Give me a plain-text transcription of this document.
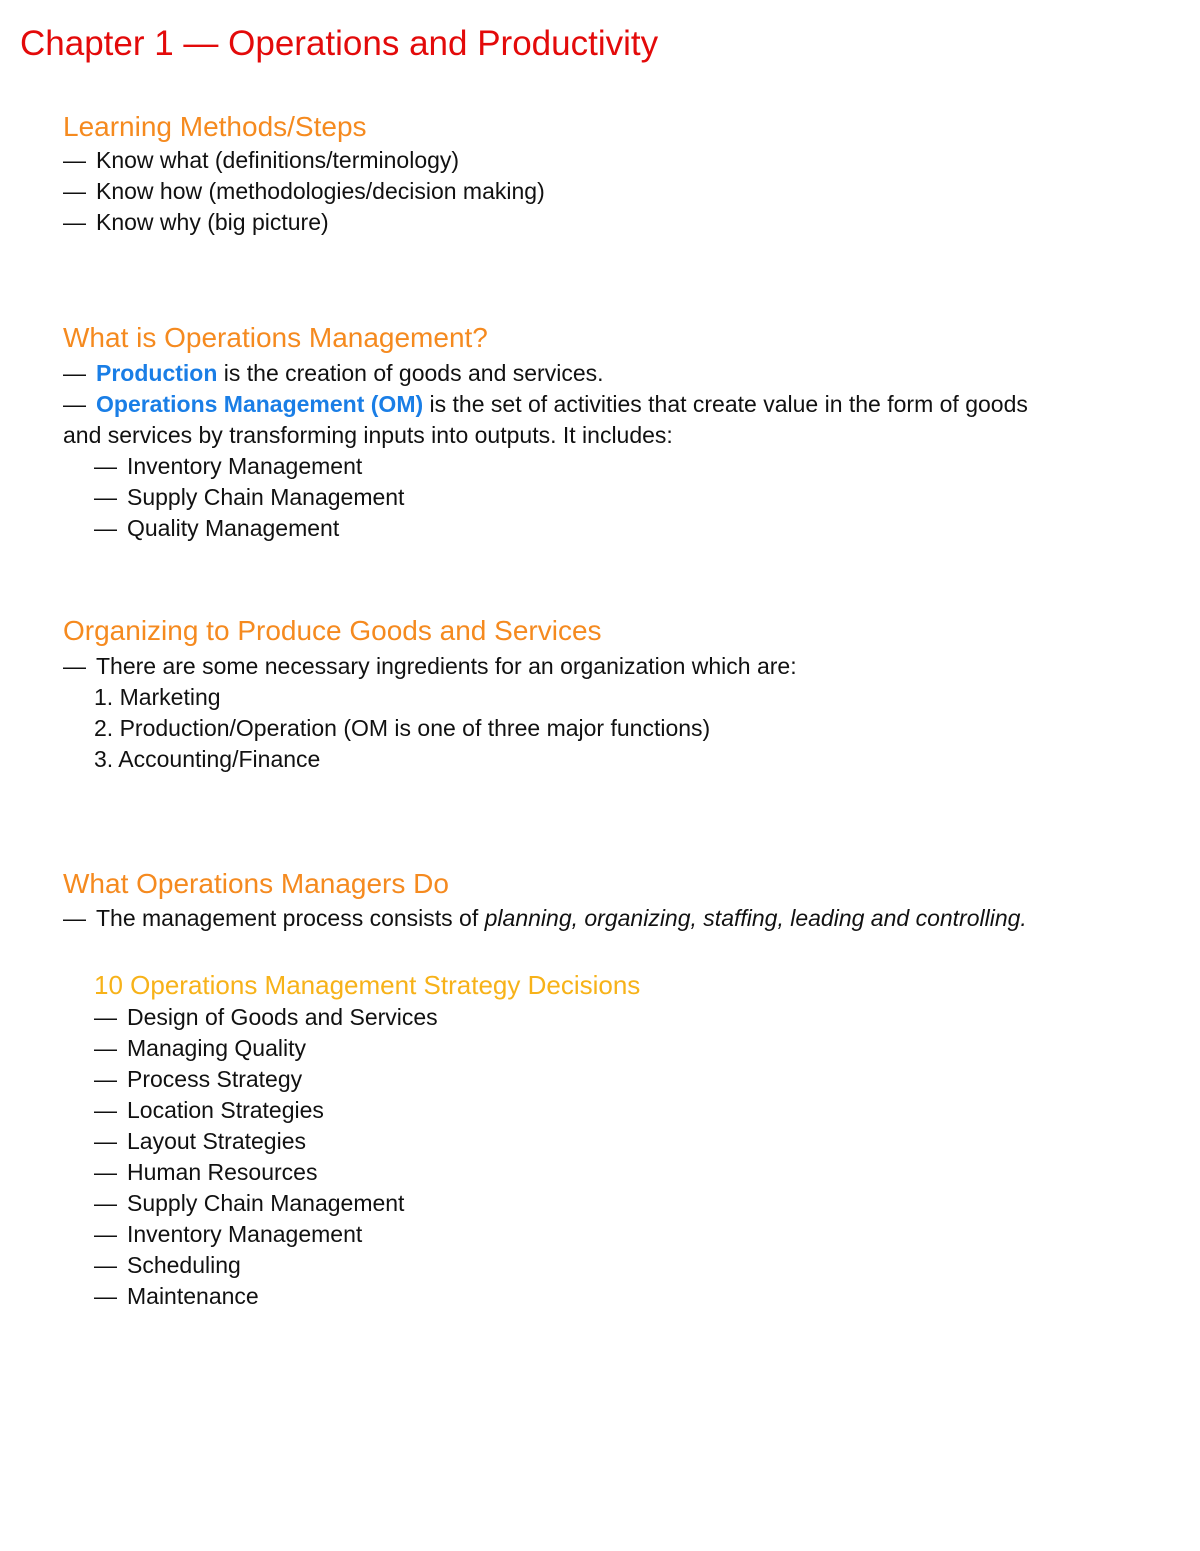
Chapter 1 — Operations and Productivity
Learning Methods/Steps
— Know what (definitions/terminology)
— Know how (methodologies/decision making)
— Know why (big picture)
What is Operations Management?
— Production is the creation of goods and services.
— Operations Management (OM) is the set of activities that create value in the form of goods
and services by transforming inputs into outputs. It includes:
— Inventory Management
— Supply Chain Management
— Quality Management
Organizing to Produce Goods and Services
— There are some necessary ingredients for an organization which are:
1. Marketing
2. Production/Operation (OM is one of three major functions)
3. Accounting/Finance
What Operations Managers Do
— The management process consists of planning, organizing, staffing, leading and controlling.
10 Operations Management Strategy Decisions
— Design of Goods and Services
— Managing Quality
— Process Strategy
— Location Strategies
— Layout Strategies
— Human Resources
— Supply Chain Management
— Inventory Management
— Scheduling
— Maintenance
